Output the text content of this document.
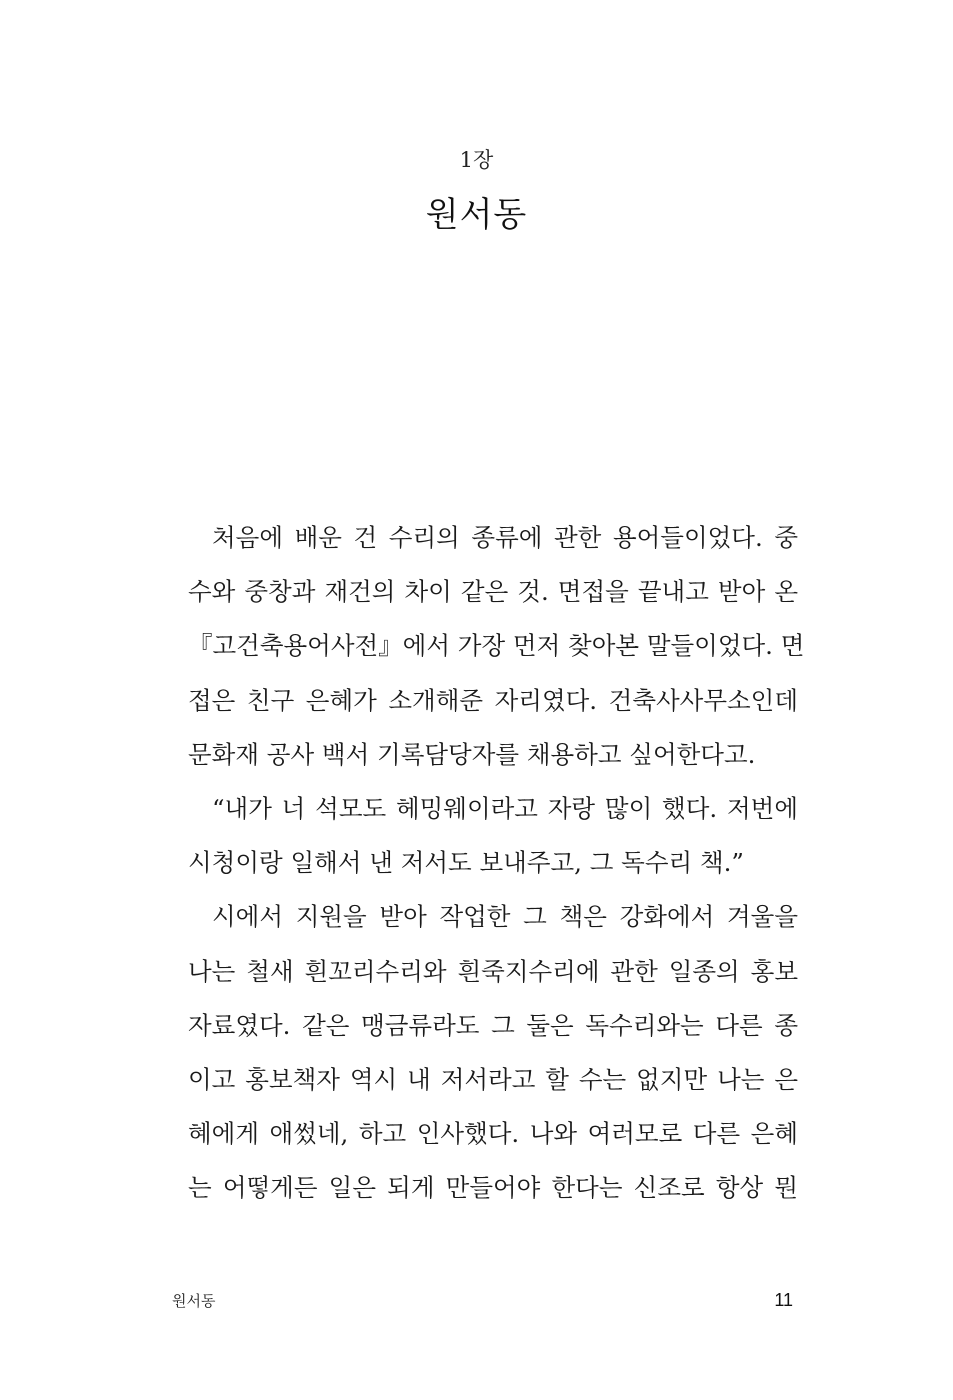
1장
원서동
처음에 배운 건 수리의 종류에 관한 용어들이었다. 중
수와 중창과 재건의 차이 같은 것. 면접을 끝내고 받아 온
『고건축용어사전』에서 가장 먼저 찾아본 말들이었다. 면
접은 친구 은혜가 소개해준 자리였다. 건축사사무소인데
문화재 공사 백서 기록담당자를 채용하고 싶어한다고.
“내가 너 석모도 헤밍웨이라고 자랑 많이 했다. 저번에
시청이랑 일해서 낸 저서도 보내주고, 그 독수리 책.”
시에서 지원을 받아 작업한 그 책은 강화에서 겨울을
나는 철새 흰꼬리수리와 흰죽지수리에 관한 일종의 홍보
자료였다. 같은 맹금류라도 그 둘은 독수리와는 다른 종
이고 홍보책자 역시 내 저서라고 할 수는 없지만 나는 은
혜에게 애썼네, 하고 인사했다. 나와 여러모로 다른 은혜
는 어떻게든 일은 되게 만들어야 한다는 신조로 항상 뭔
원서동	11
